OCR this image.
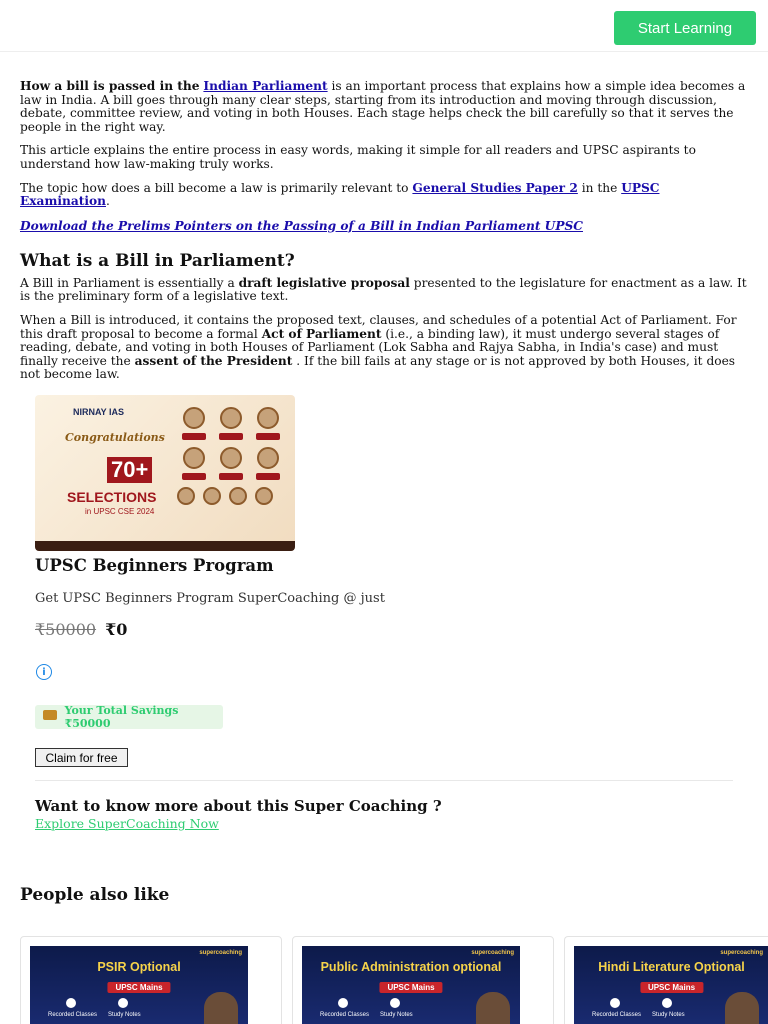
Start Learning

How a bill is passed in the Indian Parliament is an important process that explains how a simple idea becomes a law in India. A bill goes through many clear steps, starting from its introduction and moving through discussion, debate, committee review, and voting in both Houses. Each stage helps check the bill carefully so that it serves the people in the right way.

This article explains the entire process in easy words, making it simple for all readers and UPSC aspirants to understand how law-making truly works.

The topic how does a bill become a law is primarily relevant to General Studies Paper 2 in the UPSC Examination.

Download the Prelims Pointers on the Passing of a Bill in Indian Parliament UPSC
What is a Bill in Parliament?

A Bill in Parliament is essentially a draft legislative proposal presented to the legislature for enactment as a law. It is the preliminary form of a legislative text.

When a Bill is introduced, it contains the proposed text, clauses, and schedules of a potential Act of Parliament. For this draft proposal to become a formal Act of Parliament (i.e., a binding law), it must undergo several stages of reading, debate, and voting in both Houses of Parliament (Lok Sabha and Rajya Sabha, in India's case) and must finally receive the assent of the President . If the bill fails at any stage or is not approved by both Houses, it does not become law.

NIRNAY IAS
Congratulations
70+
SELECTIONS
in UPSC CSE 2024
UPSC Beginners Program
Get UPSC Beginners Program SuperCoaching @ just
₹50000 ₹0
i
Your Total Savings ₹50000
Claim for free
Want to know more about this Super Coaching ?
Explore SuperCoaching Now
People also like
supercoaching
PSIR Optional
UPSC Mains
Recorded Classes Study Notes
supercoaching
Public Administration optional
UPSC Mains
Recorded Classes Study Notes
supercoaching
Hindi Literature Optional
UPSC Mains
Recorded Classes Study Notes
